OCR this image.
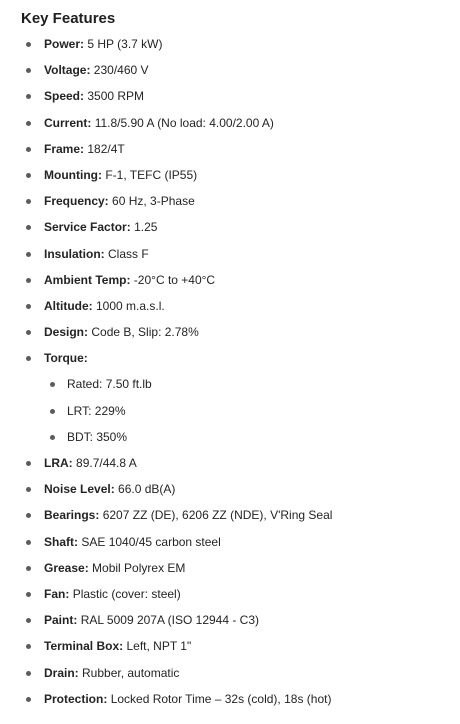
Key Features
Power: 5 HP (3.7 kW)
Voltage: 230/460 V
Speed: 3500 RPM
Current: 11.8/5.90 A (No load: 4.00/2.00 A)
Frame: 182/4T
Mounting: F-1, TEFC (IP55)
Frequency: 60 Hz, 3-Phase
Service Factor: 1.25
Insulation: Class F
Ambient Temp: -20°C to +40°C
Altitude: 1000 m.a.s.l.
Design: Code B, Slip: 2.78%
Torque:
Rated: 7.50 ft.lb
LRT: 229%
BDT: 350%
LRA: 89.7/44.8 A
Noise Level: 66.0 dB(A)
Bearings: 6207 ZZ (DE), 6206 ZZ (NDE), V'Ring Seal
Shaft: SAE 1040/45 carbon steel
Grease: Mobil Polyrex EM
Fan: Plastic (cover: steel)
Paint: RAL 5009 207A (ISO 12944 - C3)
Terminal Box: Left, NPT 1"
Drain: Rubber, automatic
Protection: Locked Rotor Time – 32s (cold), 18s (hot)
